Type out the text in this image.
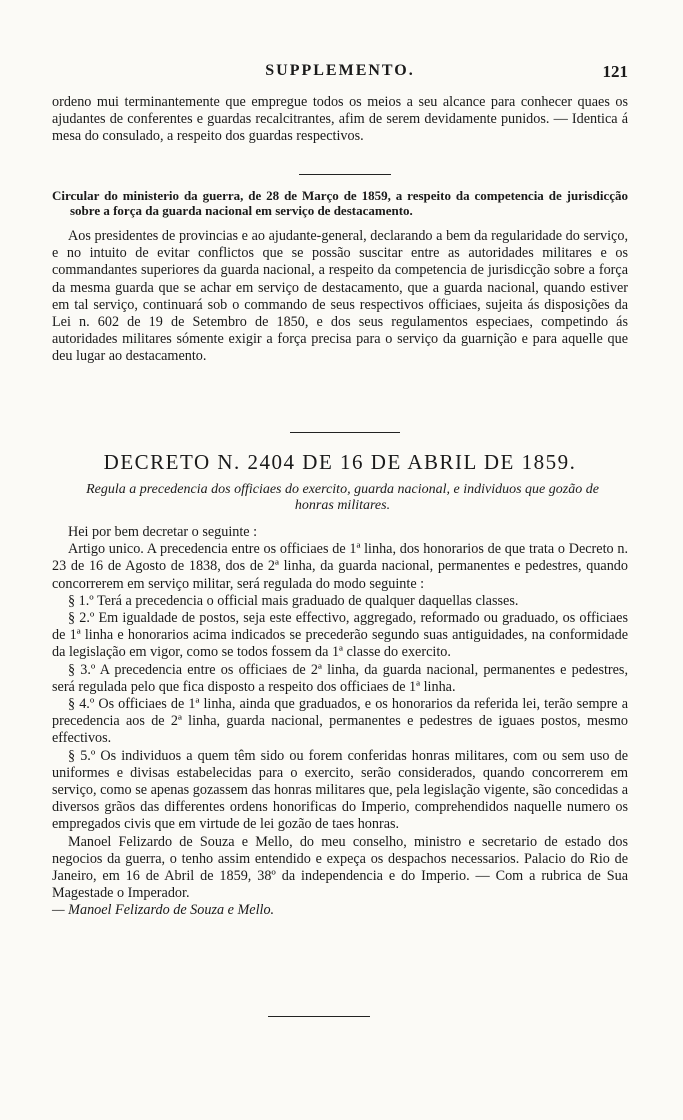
SUPPLEMENTO.	121

ordeno mui terminantemente que empregue todos os meios a seu alcance para conhecer quaes os ajudantes de conferentes e guardas recalcitrantes, afim de serem devidamente punidos. — Identica á mesa do consulado, a respeito dos guardas respectivos.

Circular do ministerio da guerra, de 28 de Março de 1859, a respeito da competencia de jurisdicção sobre a força da guarda nacional em serviço de destacamento.

Aos presidentes de provincias e ao ajudante-general, declarando a bem da regularidade do serviço, e no intuito de evitar conflictos que se possão suscitar entre as autoridades militares e os commandantes superiores da guarda nacional, a respeito da competencia de jurisdicção sobre a força da mesma guarda que se achar em serviço de destacamento, que a guarda nacional, quando estiver em tal serviço, continuará sob o commando de seus respectivos officiaes, sujeita ás disposições da Lei n. 602 de 19 de Setembro de 1850, e dos seus regulamentos especiaes, competindo ás autoridades militares sómente exigir a força precisa para o serviço da guarnição e para aquelle que deu lugar ao destacamento.

DECRETO N. 2404 DE 16 DE ABRIL DE 1859.
Regula a precedencia dos officiaes do exercito, guarda nacional, e individuos que gozão de honras militares.

Hei por bem decretar o seguinte :

Artigo unico. A precedencia entre os officiaes de 1ª linha, dos honorarios de que trata o Decreto n. 23 de 16 de Agosto de 1838, dos de 2ª linha, da guarda nacional, permanentes e pedestres, quando concorrerem em serviço militar, será regulada do modo seguinte :

§ 1.º Terá a precedencia o official mais graduado de qualquer daquellas classes.

§ 2.º Em igualdade de postos, seja este effectivo, aggregado, reformado ou graduado, os officiaes de 1ª linha e honorarios acima indicados se precederão segundo suas antiguidades, na conformidade da legislação em vigor, como se todos fossem da 1ª classe do exercito.

§ 3.º A precedencia entre os officiaes de 2ª linha, da guarda nacional, permanentes e pedestres, será regulada pelo que fica disposto a respeito dos officiaes de 1ª linha.

§ 4.º Os officiaes de 1ª linha, ainda que graduados, e os honorarios da referida lei, terão sempre a precedencia aos de 2ª linha, guarda nacional, permanentes e pedestres de iguaes postos, mesmo effectivos.

§ 5.º Os individuos a quem têm sido ou forem conferidas honras militares, com ou sem uso de uniformes e divisas estabelecidas para o exercito, serão considerados, quando concorrerem em serviço, como se apenas gozassem das honras militares que, pela legislação vigente, são concedidas a diversos grãos das differentes ordens honorificas do Imperio, comprehendidos naquelle numero os empregados civis que em virtude de lei gozão de taes honras.

Manoel Felizardo de Souza e Mello, do meu conselho, ministro e secretario de estado dos negocios da guerra, o tenho assim entendido e expeça os despachos necessarios. Palacio do Rio de Janeiro, em 16 de Abril de 1859, 38º da independencia e do Imperio. — Com a rubrica de Sua Magestade o Imperador.

— Manoel Felizardo de Souza e Mello.
